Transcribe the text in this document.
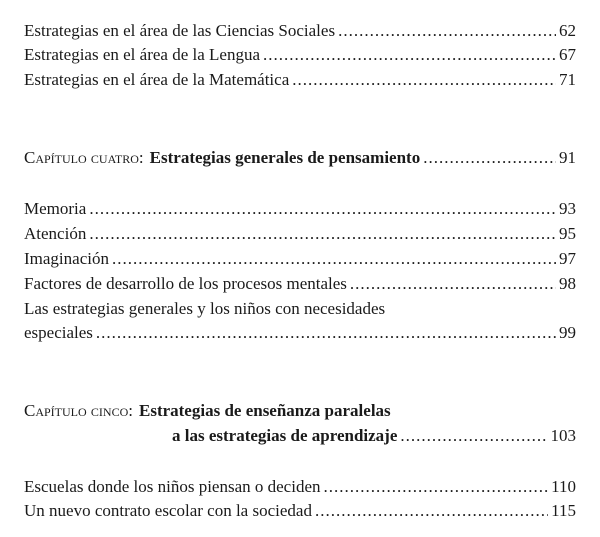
Estrategias en el área de las Ciencias Sociales .....	62
Estrategias en el área de la Lengua .....	67
Estrategias en el área de la Matemática .....	71
Capítulo cuatro: Estrategias generales de pensamiento .....	91
Memoria .....	93
Atención .....	95
Imaginación .....	97
Factores de desarrollo de los procesos mentales .....	98
Las estrategias generales y los niños con necesidades
especiales .....	99
Capítulo cinco: Estrategias de enseñanza paralelas
a las estrategias de aprendizaje .....	103
Escuelas donde los niños piensan o deciden .....	110
Un nuevo contrato escolar con la sociedad .....	115
